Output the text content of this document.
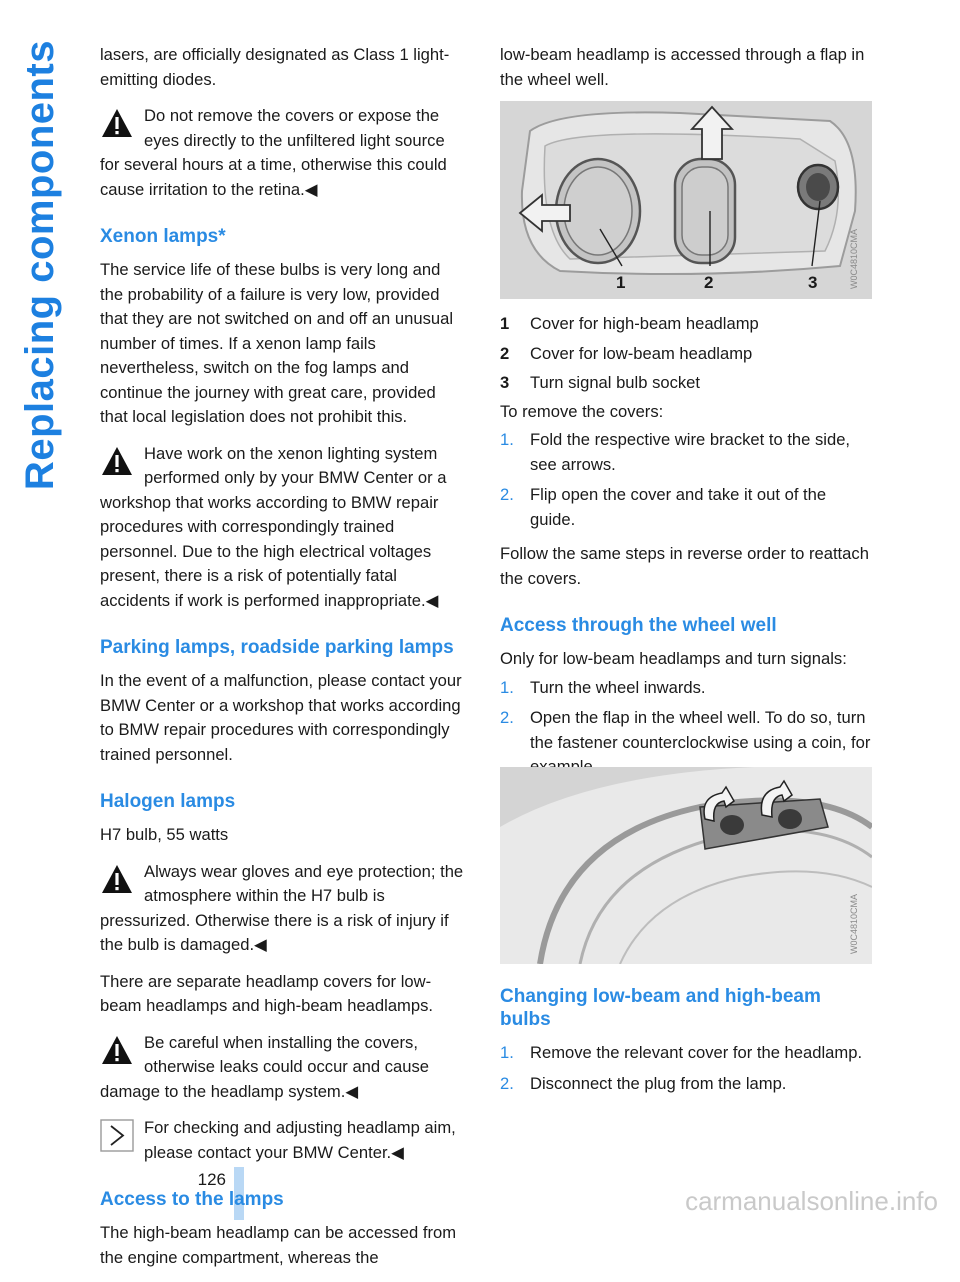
Replacing components
126
carmanualsonline.info

lasers, are officially designated as Class 1 light-emitting diodes.

Do not remove the covers or expose the eyes directly to the unfiltered light source for several hours at a time, otherwise this could cause irritation to the retina.◀
Xenon lamps*

The service life of these bulbs is very long and the probability of a failure is very low, provided that they are not switched on and off an unusual number of times. If a xenon lamp fails nevertheless, switch on the fog lamps and continue the journey with great care, provided that local legislation does not prohibit this.

Have work on the xenon lighting system performed only by your BMW Center or a workshop that works according to BMW repair procedures with correspondingly trained personnel. Due to the high electrical voltages present, there is a risk of potentially fatal accidents if work is performed inappropriate.◀
Parking lamps, roadside parking lamps

In the event of a malfunction, please contact your BMW Center or a workshop that works according to BMW repair procedures with correspondingly trained personnel.

Halogen lamps

H7 bulb, 55 watts

Always wear gloves and eye protection; the atmosphere within the H7 bulb is pressurized. Otherwise there is a risk of injury if the bulb is damaged.◀

There are separate headlamp covers for low-beam headlamps and high-beam headlamps.

Be careful when installing the covers, otherwise leaks could occur and cause damage to the headlamp system.◀
For checking and adjusting headlamp aim, please contact your BMW Center.◀
Access to the lamps

The high-beam headlamp can be accessed from the engine compartment, whereas the

low-beam headlamp is accessed through a flap in the wheel well.

1	2	3	W0C4810CMA
1 Cover for high-beam headlamp
2 Cover for low-beam headlamp
3 Turn signal bulb socket

To remove the covers:

1. Fold the respective wire bracket to the side, see arrows.
2. Flip open the cover and take it out of the guide.

Follow the same steps in reverse order to reattach the covers.

Access through the wheel well

Only for low-beam headlamps and turn signals:

1. Turn the wheel inwards.
2. Open the flap in the wheel well. To do so, turn the fastener counterclockwise using a coin, for
W0C4810CMA
Changing low-beam and high-beam bulbs
1. Remove the relevant cover for the headlamp.
2. Disconnect the plug from the lamp.
